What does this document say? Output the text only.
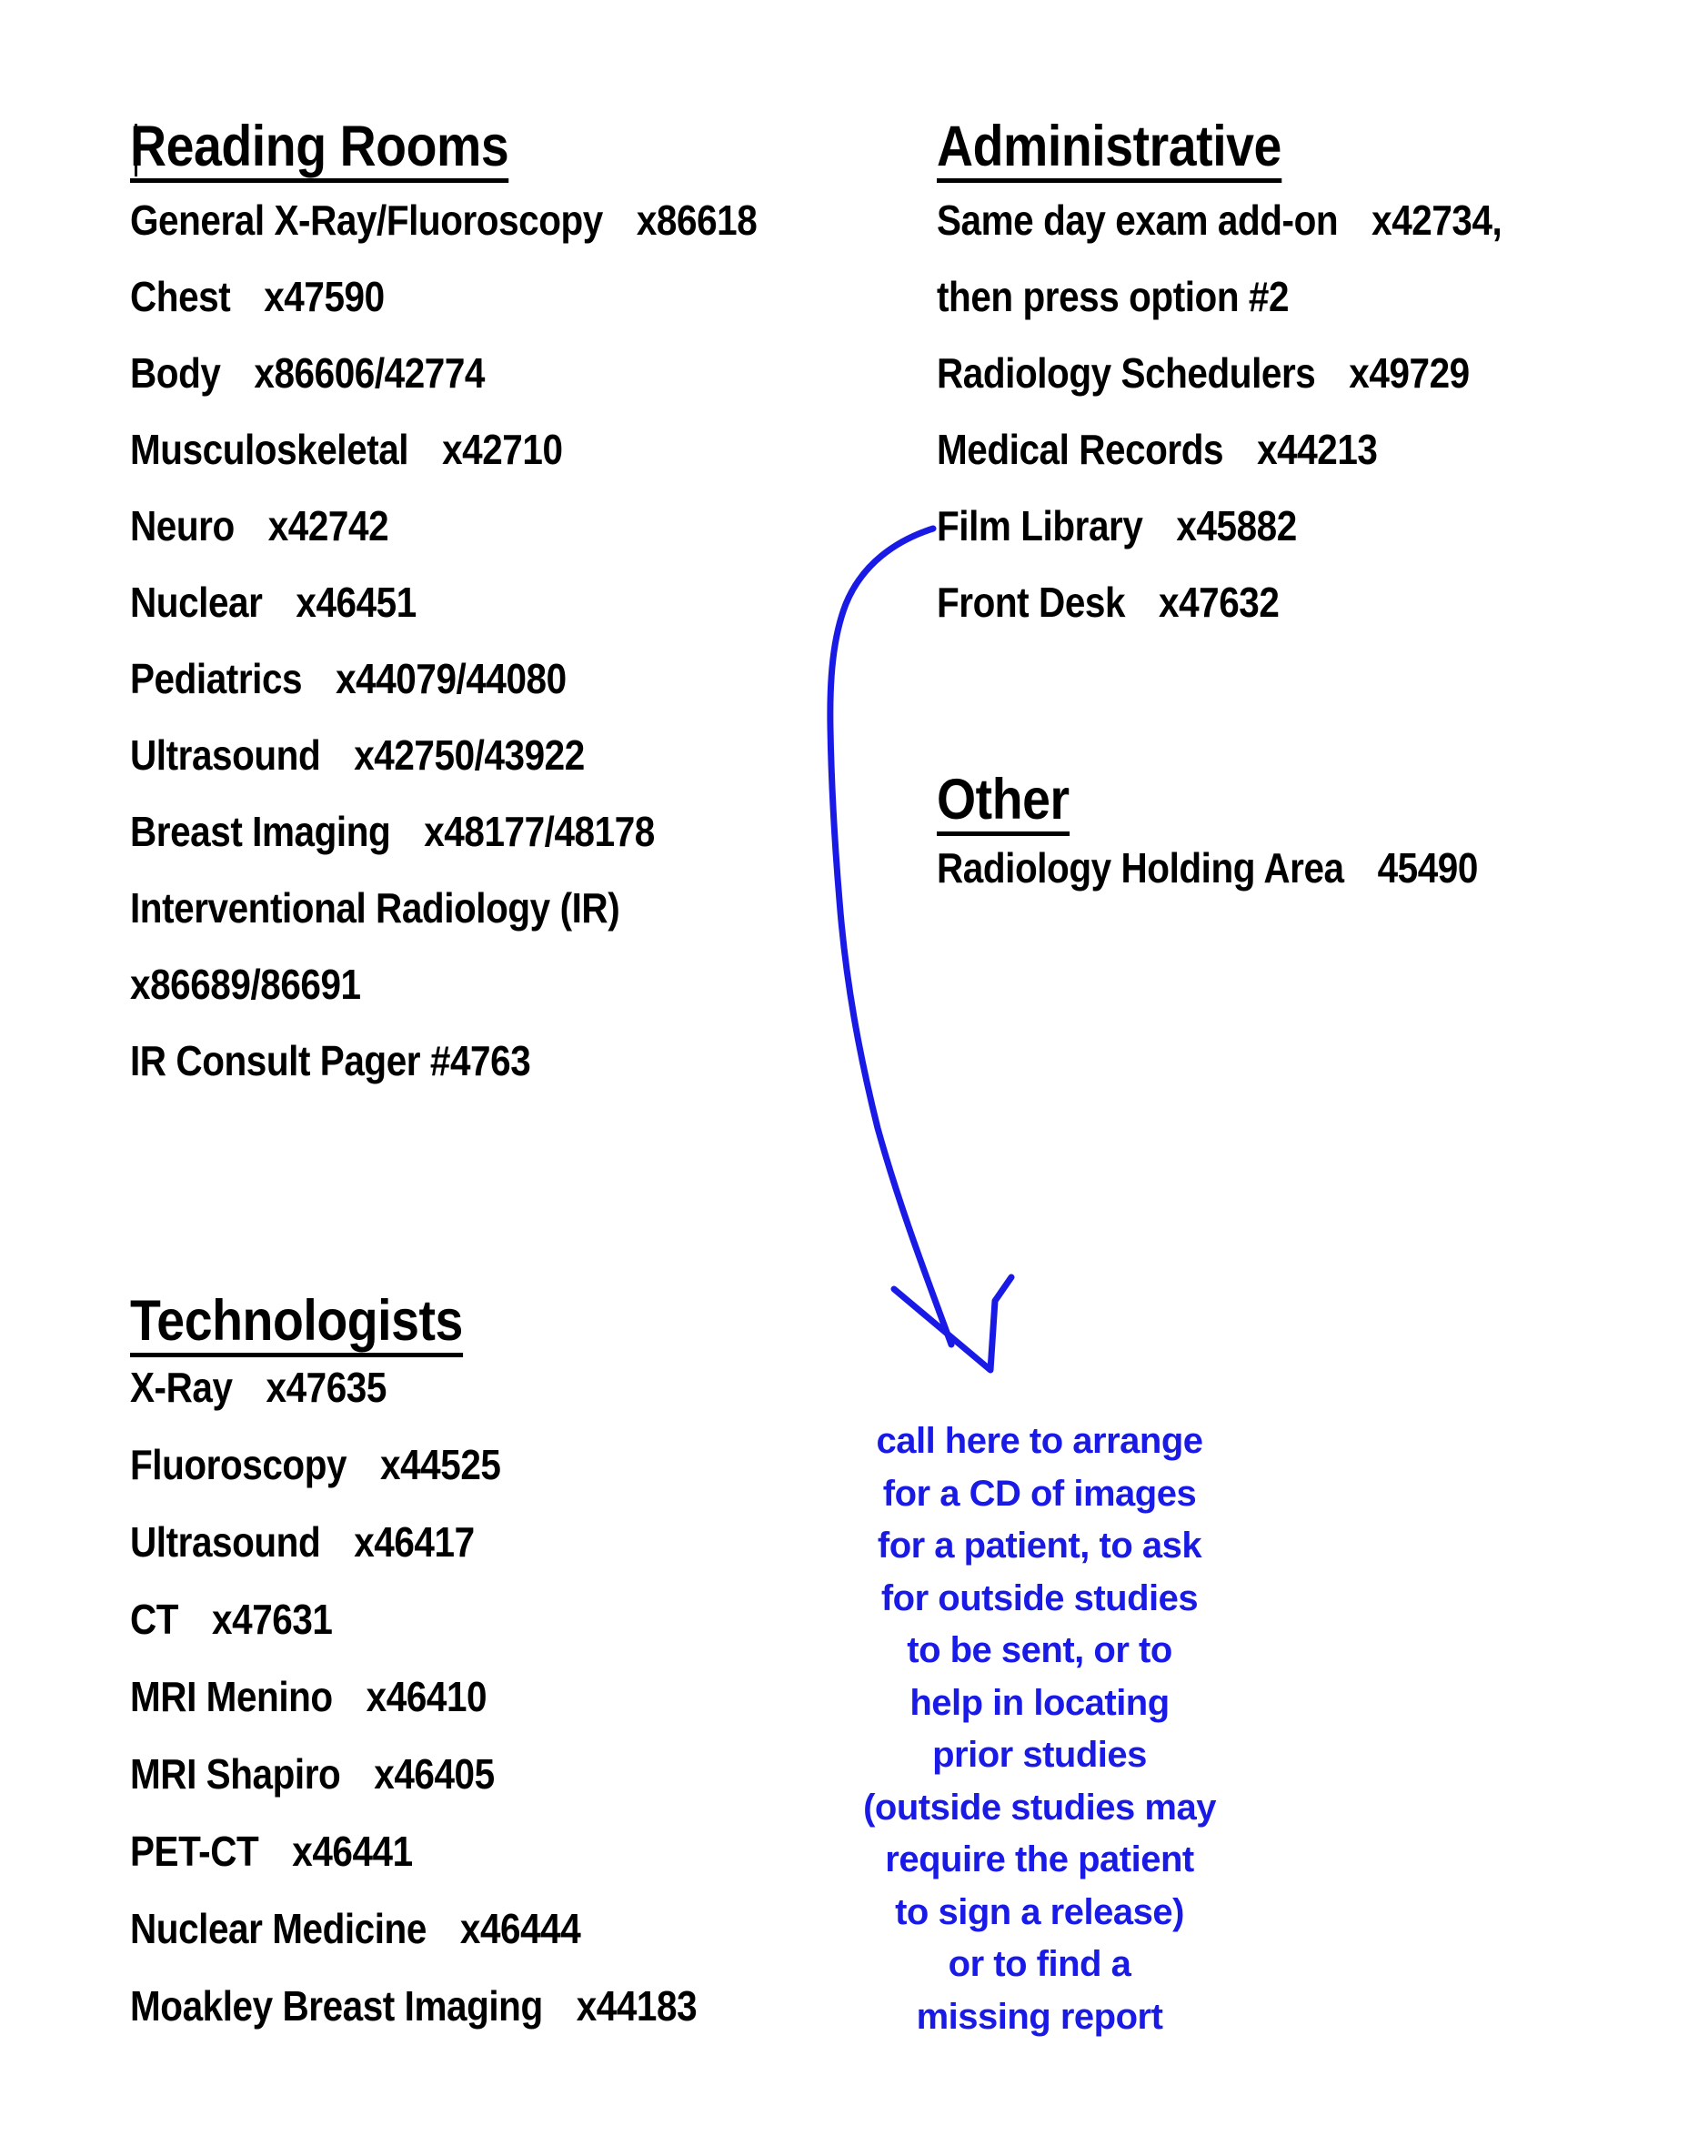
Reading Rooms
General X-Ray/Fluoroscopy x86618
Chest x47590
Body x86606/42774
Musculoskeletal x42710
Neuro x42742
Nuclear x46451
Pediatrics x44079/44080
Ultrasound x42750/43922
Breast Imaging x48177/48178
Interventional Radiology (IR)
x86689/86691
IR Consult Pager #4763
Administrative
Same day exam add-on x42734,
then press option #2
Radiology Schedulers x49729
Medical Records x44213
Film Library x45882
Front Desk x47632
Other
Radiology Holding Area 45490
Technologists
X-Ray x47635
Fluoroscopy x44525
Ultrasound x46417
CT x47631
MRI Menino x46410
MRI Shapiro x46405
PET-CT x46441
Nuclear Medicine x46444
Moakley Breast Imaging x44183
call here to arrange
for a CD of images
for a patient, to ask
for outside studies
to be sent, or to
help in locating
prior studies
(outside studies may
require the patient
to sign a release)
or to find a
missing report
